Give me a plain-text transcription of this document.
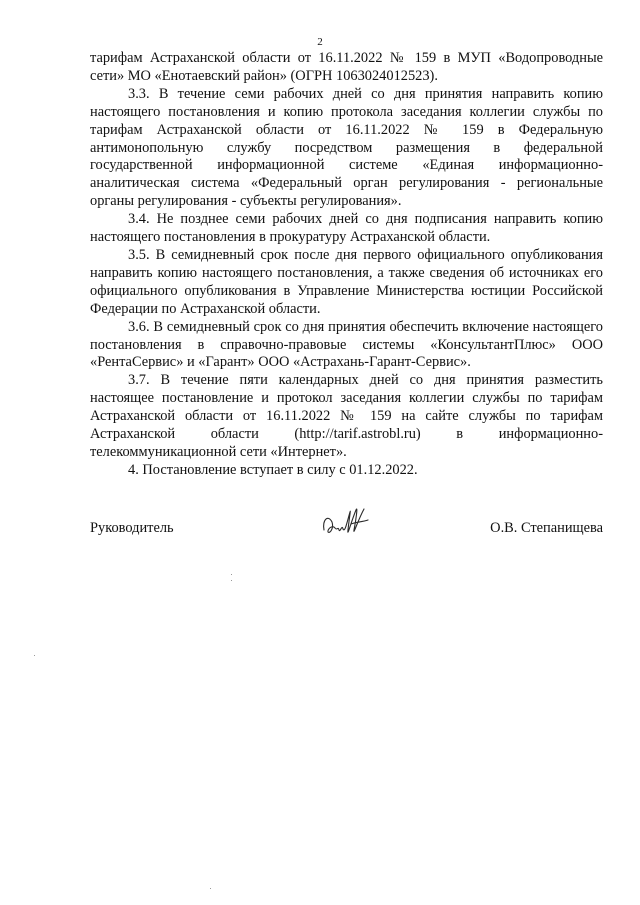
2

тарифам Астраханской области от 16.11.2022 № 159 в МУП «Водопроводные сети» МО «Енотаевский район» (ОГРН 1063024012523).

3.3. В течение семи рабочих дней со дня принятия направить копию настоящего постановления и копию протокола заседания коллегии службы по тарифам Астраханской области от 16.11.2022 № 159 в Федеральную антимонопольную службу посредством размещения в федеральной государственной информационной системе «Единая информационно-аналитическая система «Федеральный орган регулирования - региональные органы регулирования - субъекты регулирования».

3.4. Не позднее семи рабочих дней со дня подписания направить копию настоящего постановления в прокуратуру Астраханской области.

3.5. В семидневный срок после дня первого официального опубликования направить копию настоящего постановления, а также сведения об источниках его официального опубликования в Управление Министерства юстиции Российской Федерации по Астраханской области.

3.6. В семидневный срок со дня принятия обеспечить включение настоящего постановления в справочно-правовые системы «КонсультантПлюс» ООО «РентаСервис» и «Гарант» ООО «Астрахань-Гарант-Сервис».

3.7. В течение пяти календарных дней со дня принятия разместить настоящее постановление и протокол заседания коллегии службы по тарифам Астраханской области от 16.11.2022 № 159 на сайте службы по тарифам Астраханской области (http://tarif.astrobl.ru) в информационно-телекоммуникационной сети «Интернет».

4. Постановление вступает в силу с 01.12.2022.

Руководитель	О.В. Степанищева
